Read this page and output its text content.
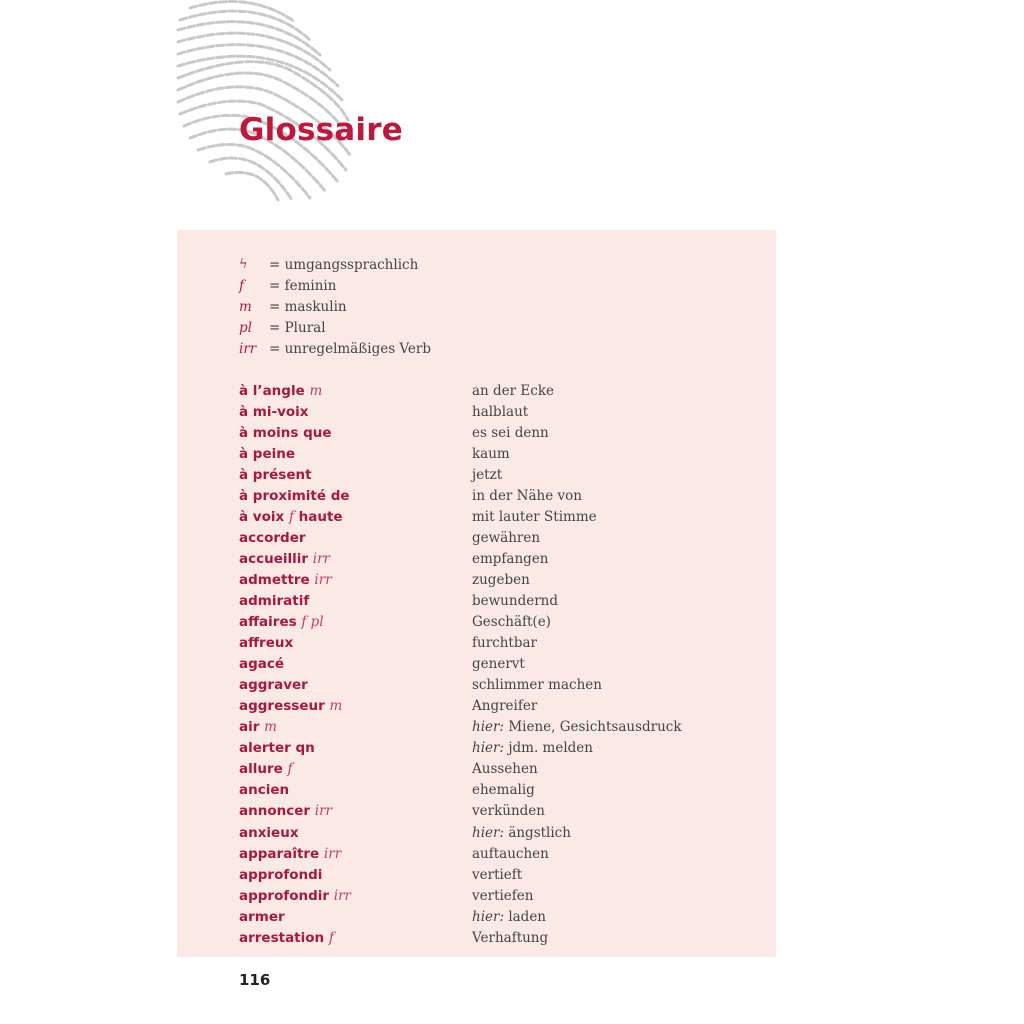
Glossaire
ϟ	= umgangssprachlich
f	= feminin
m	= maskulin
pl	= Plural
irr = unregelmäßiges Verb
à l’angle m	an der Ecke
à mi-voix	halblaut
à moins que	es sei denn
à peine	kaum
à présent	jetzt
à proximité de	in der Nähe von
à voix f haute	mit lauter Stimme
accorder	gewähren
accueillir irr	empfangen
admettre irr	zugeben
admiratif	bewundernd
affaires f pl	Geschäft(e)
affreux	furchtbar
agacé	genervt
aggraver	schlimmer machen
aggresseur m	Angreifer
air m	hier: Miene, Gesichtsausdruck
alerter qn	hier: jdm. melden
allure f	Aussehen
ancien	ehemalig
annoncer irr	verkünden
anxieux	hier: ängstlich
apparaître irr	auftauchen
approfondi	vertieft
approfondir irr	vertiefen
armer	hier: laden
arrestation f	Verhaftung
116
